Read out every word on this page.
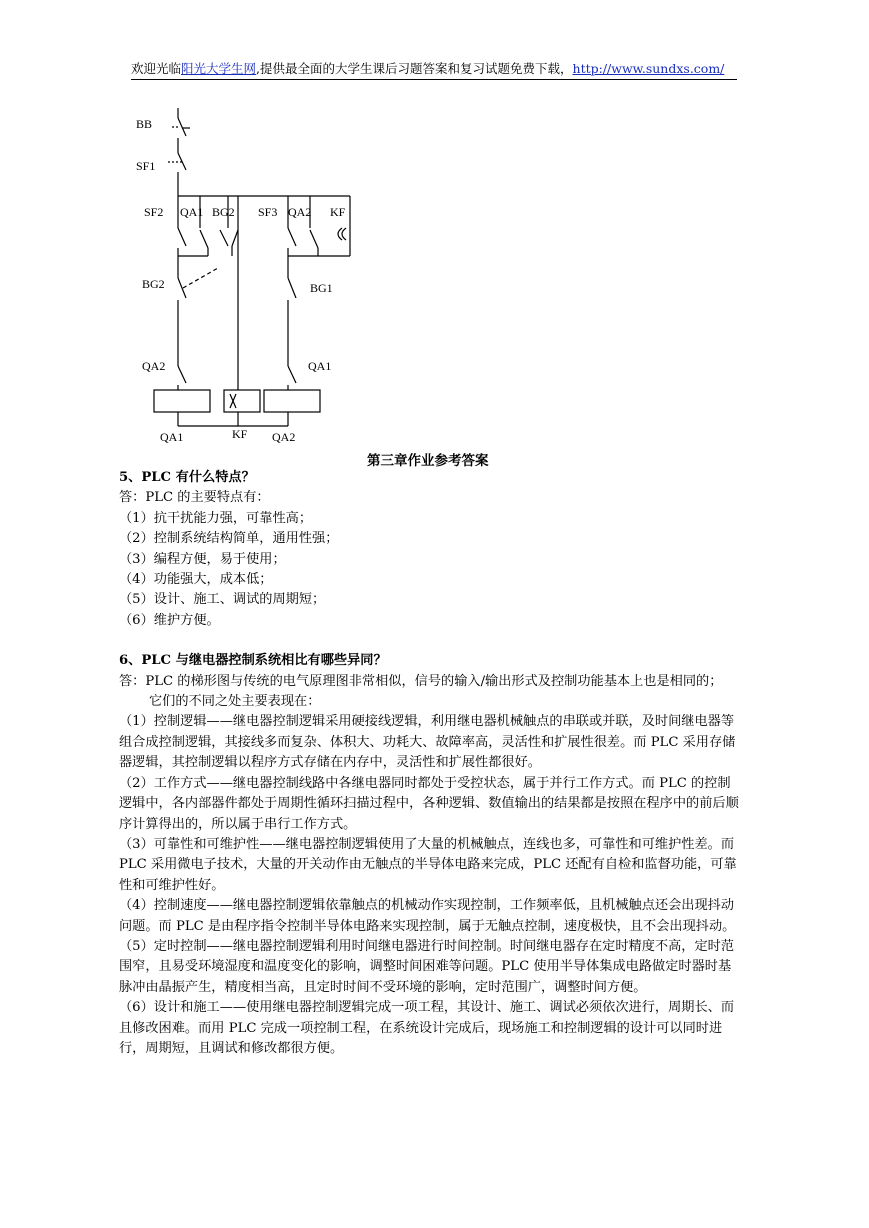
欢迎光临阳光大学生网,提供最全面的大学生课后习题答案和复习试题免费下载，http://www.sundxs.com/
BB
SF1
SF2 QA1 BG2 SF3 QA2 KF
BG2	BG1
QA2	QA1
QA1	KF QA2
第三章作业参考答案

5、PLC 有什么特点？

答：PLC 的主要特点有：

（1）抗干扰能力强，可靠性高；

（2）控制系统结构简单，通用性强；

（3）编程方便，易于使用；

（4）功能强大，成本低；

（5）设计、施工、调试的周期短；

（6）维护方便。

6、PLC 与继电器控制系统相比有哪些异同？

答：PLC 的梯形图与传统的电气原理图非常相似，信号的输入/输出形式及控制功能基本上也是相同的；

它们的不同之处主要表现在：

（1）控制逻辑——继电器控制逻辑采用硬接线逻辑，利用继电器机械触点的串联或并联，及时间继电器等组合成控制逻辑，其接线多而复杂、体积大、功耗大、故障率高，灵活性和扩展性很差。而 PLC 采用存储器逻辑，其控制逻辑以程序方式存储在内存中，灵活性和扩展性都很好。

（2）工作方式——继电器控制线路中各继电器同时都处于受控状态，属于并行工作方式。而 PLC 的控制逻辑中，各内部器件都处于周期性循环扫描过程中，各种逻辑、数值输出的结果都是按照在程序中的前后顺序计算得出的，所以属于串行工作方式。

（3）可靠性和可维护性——继电器控制逻辑使用了大量的机械触点，连线也多，可靠性和可维护性差。而 PLC 采用微电子技术，大量的开关动作由无触点的半导体电路来完成，PLC 还配有自检和监督功能，可靠性和可维护性好。

（4）控制速度——继电器控制逻辑依靠触点的机械动作实现控制，工作频率低，且机械触点还会出现抖动问题。而 PLC 是由程序指令控制半导体电路来实现控制，属于无触点控制，速度极快，且不会出现抖动。

（5）定时控制——继电器控制逻辑利用时间继电器进行时间控制。时间继电器存在定时精度不高，定时范围窄，且易受环境湿度和温度变化的影响，调整时间困难等问题。PLC 使用半导体集成电路做定时器时基脉冲由晶振产生，精度相当高，且定时时间不受环境的影响，定时范围广，调整时间方便。

（6）设计和施工——使用继电器控制逻辑完成一项工程，其设计、施工、调试必须依次进行，周期长、而且修改困难。而用 PLC 完成一项控制工程，在系统设计完成后，现场施工和控制逻辑的设计可以同时进行，周期短，且调试和修改都很方便。
